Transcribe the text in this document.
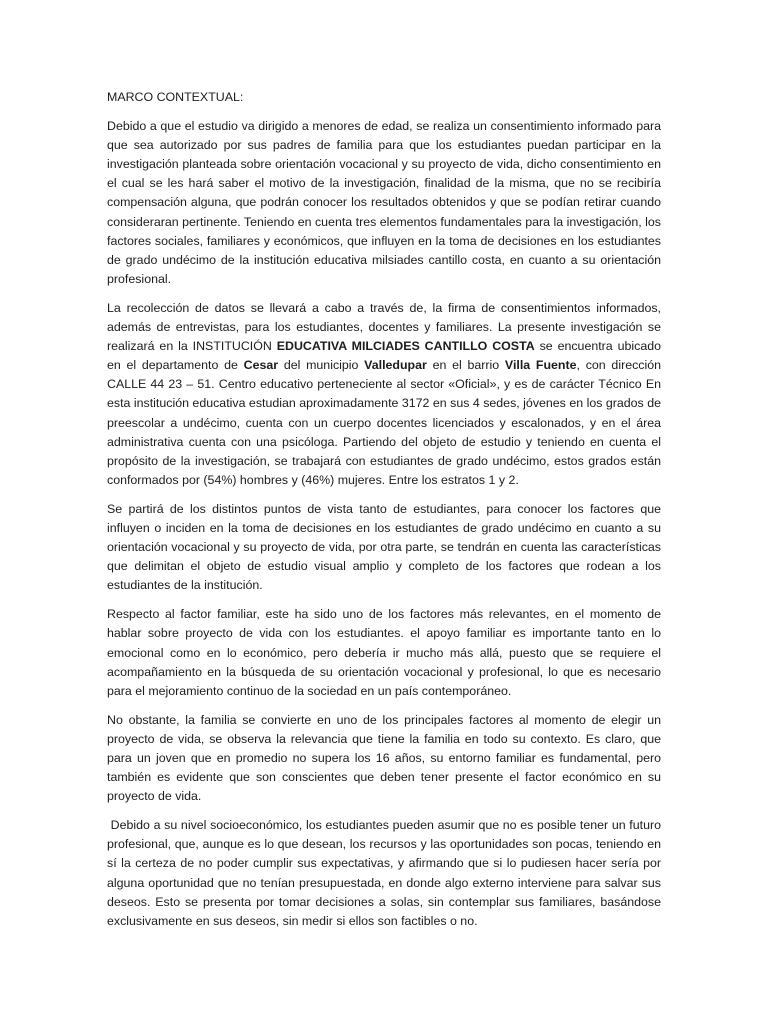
MARCO CONTEXTUAL:

Debido a que el estudio va dirigido a menores de edad, se realiza un consentimiento informado para que sea autorizado por sus padres de familia para que los estudiantes puedan participar en la investigación planteada sobre orientación vocacional y su proyecto de vida, dicho consentimiento en el cual se les hará saber el motivo de la investigación, finalidad de la misma, que no se recibiría compensación alguna, que podrán conocer los resultados obtenidos y que se podían retirar cuando consideraran pertinente. Teniendo en cuenta tres elementos fundamentales para la investigación, los factores sociales, familiares y económicos, que influyen en la toma de decisiones en los estudiantes de grado undécimo de la institución educativa milsiades cantillo costa, en cuanto a su orientación profesional.

La recolección de datos se llevará a cabo a través de, la firma de consentimientos informados, además de entrevistas, para los estudiantes, docentes y familiares. La presente investigación se realizará en la INSTITUCIÓN EDUCATIVA MILCIADES CANTILLO COSTA se encuentra ubicado en el departamento de Cesar del municipio Valledupar en el barrio Villa Fuente, con dirección CALLE 44 23 – 51. Centro educativo perteneciente al sector «Oficial», y es de carácter Técnico En esta institución educativa estudian aproximadamente 3172 en sus 4 sedes, jóvenes en los grados de preescolar a undécimo, cuenta con un cuerpo docentes licenciados y escalonados, y en el área administrativa cuenta con una psicóloga. Partiendo del objeto de estudio y teniendo en cuenta el propósito de la investigación, se trabajará con estudiantes de grado undécimo, estos grados están conformados por (54%) hombres y (46%) mujeres. Entre los estratos 1 y 2.

Se partirá de los distintos puntos de vista tanto de estudiantes, para conocer los factores que influyen o inciden en la toma de decisiones en los estudiantes de grado undécimo en cuanto a su orientación vocacional y su proyecto de vida, por otra parte, se tendrán en cuenta las características que delimitan el objeto de estudio visual amplio y completo de los factores que rodean a los estudiantes de la institución.

Respecto al factor familiar, este ha sido uno de los factores más relevantes, en el momento de hablar sobre proyecto de vida con los estudiantes. el apoyo familiar es importante tanto en lo emocional como en lo económico, pero debería ir mucho más allá, puesto que se requiere el acompañamiento en la búsqueda de su orientación vocacional y profesional, lo que es necesario para el mejoramiento continuo de la sociedad en un país contemporáneo.

No obstante, la familia se convierte en uno de los principales factores al momento de elegir un proyecto de vida, se observa la relevancia que tiene la familia en todo su contexto. Es claro, que para un joven que en promedio no supera los 16 años, su entorno familiar es fundamental, pero también es evidente que son conscientes que deben tener presente el factor económico en su proyecto de vida.

Debido a su nivel socioeconómico, los estudiantes pueden asumir que no es posible tener un futuro profesional, que, aunque es lo que desean, los recursos y las oportunidades son pocas, teniendo en sí la certeza de no poder cumplir sus expectativas, y afirmando que si lo pudiesen hacer sería por alguna oportunidad que no tenían presupuestada, en donde algo externo interviene para salvar sus deseos. Esto se presenta por tomar decisiones a solas, sin contemplar sus familiares, basándose exclusivamente en sus deseos, sin medir si ellos son factibles o no.
